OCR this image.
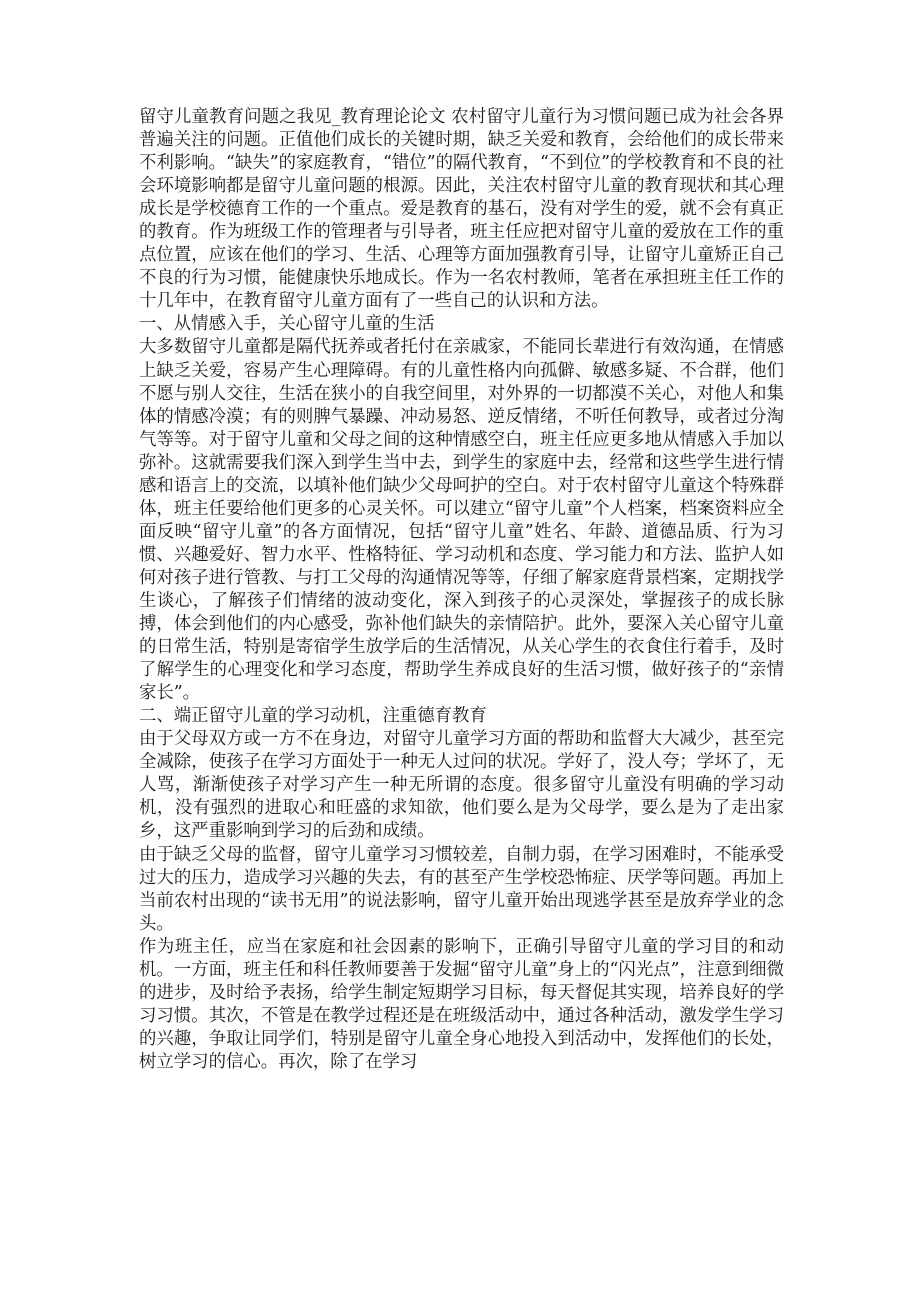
留守儿童教育问题之我见_教育理论论文 农村留守儿童行为习惯问题已成为社会各界普遍关注的问题。正值他们成长的关键时期，缺乏关爱和教育，会给他们的成长带来不利影响。“缺失”的家庭教育，“错位”的隔代教育，“不到位”的学校教育和不良的社会环境影响都是留守儿童问题的根源。因此，关注农村留守儿童的教育现状和其心理成长是学校德育工作的一个重点。爱是教育的基石，没有对学生的爱，就不会有真正的教育。作为班级工作的管理者与引导者，班主任应把对留守儿童的爱放在工作的重点位置，应该在他们的学习、生活、心理等方面加强教育引导，让留守儿童矫正自己不良的行为习惯，能健康快乐地成长。作为一名农村教师，笔者在承担班主任工作的十几年中，在教育留守儿童方面有了一些自己的认识和方法。

一、从情感入手，关心留守儿童的生活

大多数留守儿童都是隔代抚养或者托付在亲戚家，不能同长辈进行有效沟通，在情感上缺乏关爱，容易产生心理障碍。有的儿童性格内向孤僻、敏感多疑、不合群，他们不愿与别人交往，生活在狭小的自我空间里，对外界的一切都漠不关心，对他人和集体的情感冷漠；有的则脾气暴躁、冲动易怒、逆反情绪，不听任何教导，或者过分淘气等等。对于留守儿童和父母之间的这种情感空白，班主任应更多地从情感入手加以弥补。这就需要我们深入到学生当中去，到学生的家庭中去，经常和这些学生进行情感和语言上的交流，以填补他们缺少父母呵护的空白。对于农村留守儿童这个特殊群体，班主任要给他们更多的心灵关怀。可以建立“留守儿童”个人档案，档案资料应全面反映“留守儿童”的各方面情况，包括“留守儿童”姓名、年龄、道德品质、行为习惯、兴趣爱好、智力水平、性格特征、学习动机和态度、学习能力和方法、监护人如何对孩子进行管教、与打工父母的沟通情况等等，仔细了解家庭背景档案，定期找学生谈心，了解孩子们情绪的波动变化，深入到孩子的心灵深处，掌握孩子的成长脉搏，体会到他们的内心感受，弥补他们缺失的亲情陪护。此外，要深入关心留守儿童的日常生活，特别是寄宿学生放学后的生活情况，从关心学生的衣食住行着手，及时了解学生的心理变化和学习态度，帮助学生养成良好的生活习惯，做好孩子的“亲情家长”。

二、端正留守儿童的学习动机，注重德育教育

由于父母双方或一方不在身边，对留守儿童学习方面的帮助和监督大大减少，甚至完全减除，使孩子在学习方面处于一种无人过问的状况。学好了，没人夸；学坏了，无人骂，渐渐使孩子对学习产生一种无所谓的态度。很多留守儿童没有明确的学习动机，没有强烈的进取心和旺盛的求知欲，他们要么是为父母学，要么是为了走出家乡，这严重影响到学习的后劲和成绩。

由于缺乏父母的监督，留守儿童学习习惯较差，自制力弱，在学习困难时，不能承受过大的压力，造成学习兴趣的失去，有的甚至产生学校恐怖症、厌学等问题。再加上当前农村出现的“读书无用”的说法影响，留守儿童开始出现逃学甚至是放弃学业的念头。

作为班主任，应当在家庭和社会因素的影响下，正确引导留守儿童的学习目的和动机。一方面，班主任和科任教师要善于发掘“留守儿童”身上的“闪光点”，注意到细微的进步，及时给予表扬，给学生制定短期学习目标，每天督促其实现，培养良好的学习习惯。其次，不管是在教学过程还是在班级活动中，通过各种活动，激发学生学习的兴趣，争取让同学们，特别是留守儿童全身心地投入到活动中，发挥他们的长处，树立学习的信心。再次，除了在学习
